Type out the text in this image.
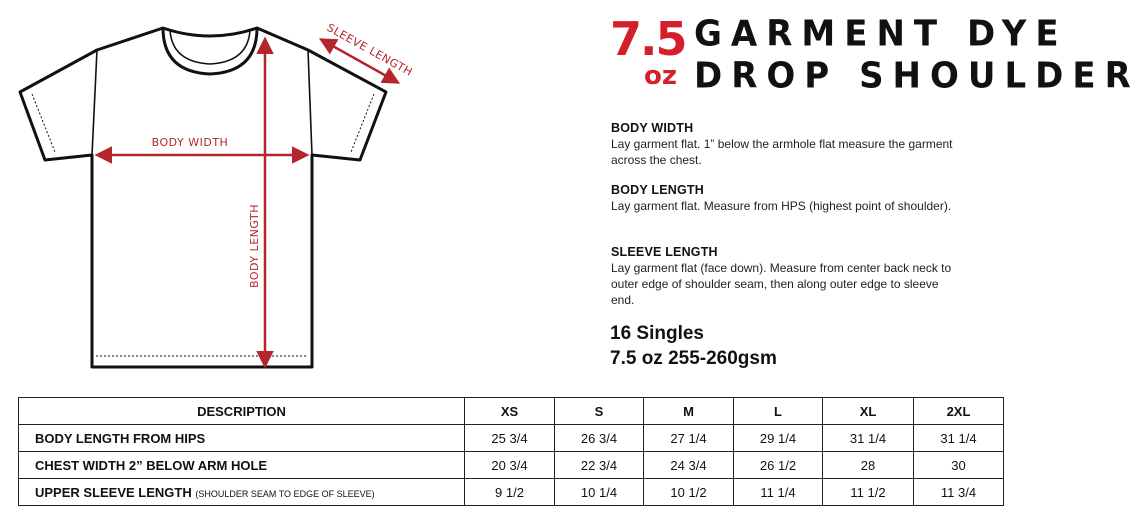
BODY WIDTH
BODY LENGTH
SLEEVE LENGTH	7.5
oz
GARMENT DYE
DROP SHOULDER
BODY WIDTH

Lay garment flat. 1” below the armhole flat measure the garment across the chest.

BODY LENGTH

Lay garment flat. Measure from HPS (highest point of shoulder).

SLEEVE LENGTH

Lay garment flat (face down). Measure from center back neck to outer edge of shoulder seam, then along outer edge to sleeve end.

16 Singles
7.5 oz 255-260gsm
DESCRIPTION	XS	S	M	L	XL	2XL
BODY LENGTH FROM HIPS	25 3/4	26 3/4	27 1/4	29 1/4	31 1/4	31 1/4
CHEST WIDTH 2” BELOW ARM HOLE	20 3/4	22 3/4	24 3/4	26 1/2	28	30
UPPER SLEEVE LENGTH (SHOULDER SEAM TO EDGE OF SLEEVE)	9 1/2	10 1/4	10 1/2	11 1/4	11 1/2	11 3/4
